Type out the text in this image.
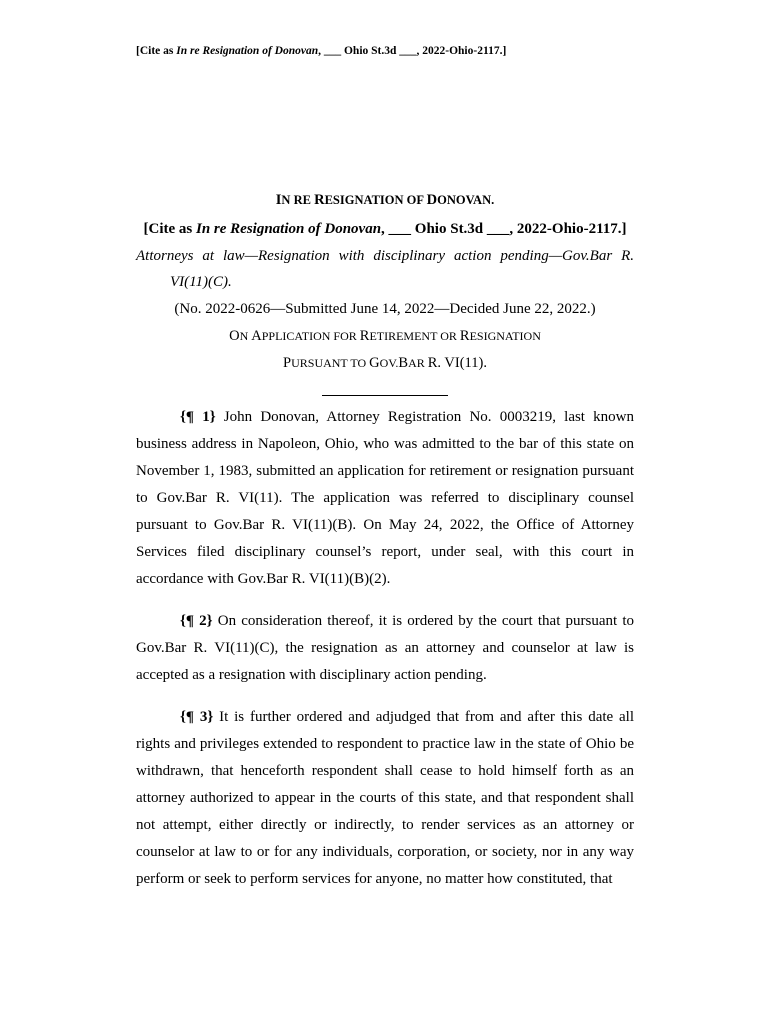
[Cite as In re Resignation of Donovan, ___ Ohio St.3d ___, 2022-Ohio-2117.]
IN RE RESIGNATION OF DONOVAN.
[Cite as In re Resignation of Donovan, ___ Ohio St.3d ___, 2022-Ohio-2117.]
Attorneys at law—Resignation with disciplinary action pending—Gov.Bar R.
VI(11)(C).
(No. 2022-0626—Submitted June 14, 2022—Decided June 22, 2022.)
ON APPLICATION FOR RETIREMENT OR RESIGNATION
PURSUANT TO GOV.BAR R. VI(11).

{¶ 1} John Donovan, Attorney Registration No. 0003219, last known business address in Napoleon, Ohio, who was admitted to the bar of this state on November 1, 1983, submitted an application for retirement or resignation pursuant to Gov.Bar R. VI(11). The application was referred to disciplinary counsel pursuant to Gov.Bar R. VI(11)(B). On May 24, 2022, the Office of Attorney Services filed disciplinary counsel’s report, under seal, with this court in accordance with Gov.Bar R. VI(11)(B)(2).

{¶ 2} On consideration thereof, it is ordered by the court that pursuant to Gov.Bar R. VI(11)(C), the resignation as an attorney and counselor at law is accepted as a resignation with disciplinary action pending.

{¶ 3} It is further ordered and adjudged that from and after this date all rights and privileges extended to respondent to practice law in the state of Ohio be withdrawn, that henceforth respondent shall cease to hold himself forth as an attorney authorized to appear in the courts of this state, and that respondent shall not attempt, either directly or indirectly, to render services as an attorney or counselor at law to or for any individuals, corporation, or society, nor in any way perform or seek to perform services for anyone, no matter how constituted, that
